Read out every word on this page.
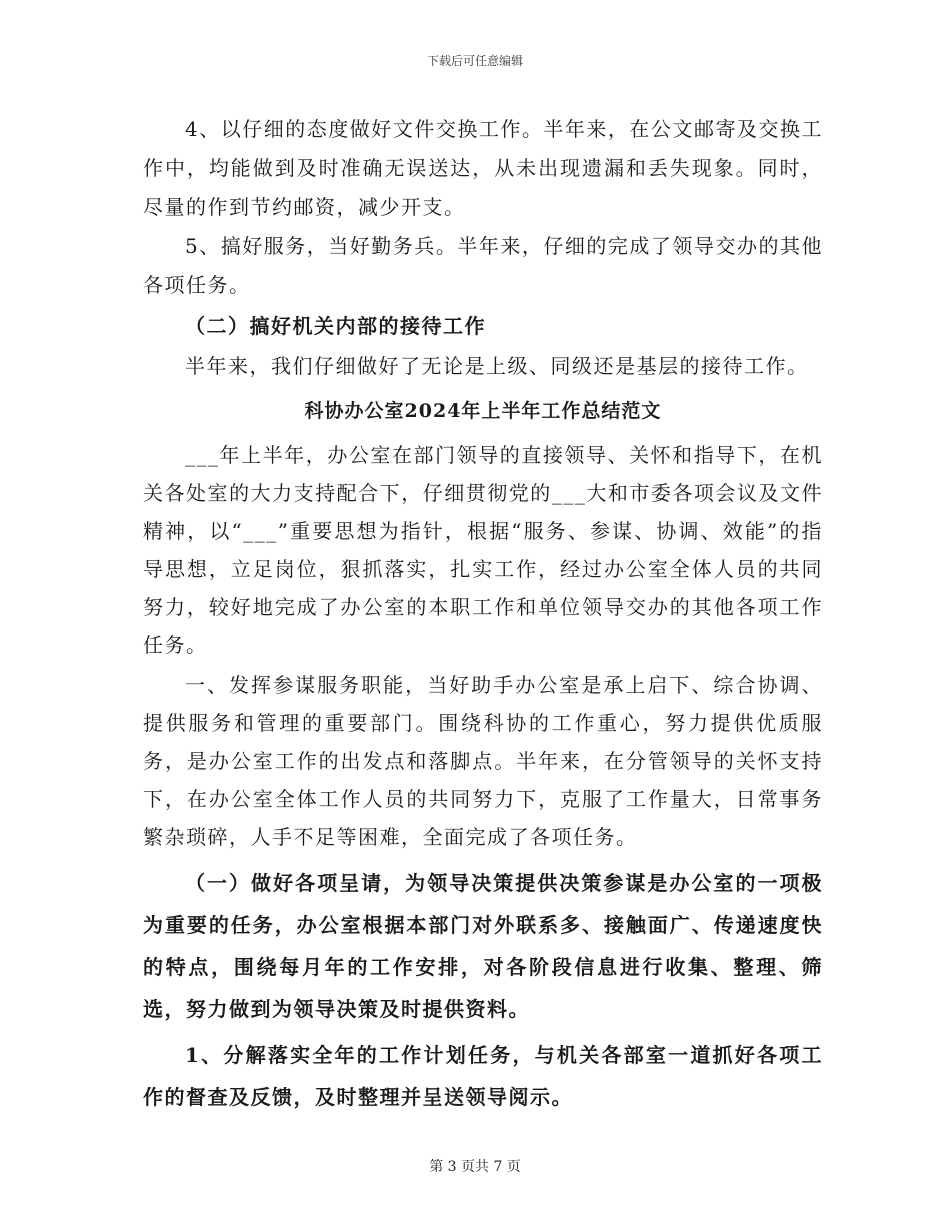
下载后可任意编辑

4、以仔细的态度做好文件交换工作。半年来，在公文邮寄及交换工作中，均能做到及时准确无误送达，从未出现遗漏和丢失现象。同时，尽量的作到节约邮资，减少开支。

5、搞好服务，当好勤务兵。半年来，仔细的完成了领导交办的其他各项任务。

（二）搞好机关内部的接待工作

半年来，我们仔细做好了无论是上级、同级还是基层的接待工作。

科协办公室2024年上半年工作总结范文

___年上半年，办公室在部门领导的直接领导、关怀和指导下，在机关各处室的大力支持配合下，仔细贯彻党的___大和市委各项会议及文件精神，以“___”重要思想为指针，根据“服务、参谋、协调、效能”的指导思想，立足岗位，狠抓落实，扎实工作，经过办公室全体人员的共同努力，较好地完成了办公室的本职工作和单位领导交办的其他各项工作任务。

一、发挥参谋服务职能，当好助手办公室是承上启下、综合协调、提供服务和管理的重要部门。围绕科协的工作重心，努力提供优质服务，是办公室工作的出发点和落脚点。半年来，在分管领导的关怀支持下，在办公室全体工作人员的共同努力下，克服了工作量大，日常事务繁杂琐碎，人手不足等困难，全面完成了各项任务。

（一）做好各项呈请，为领导决策提供决策参谋是办公室的一项极为重要的任务，办公室根据本部门对外联系多、接触面广、传递速度快的特点，围绕每月年的工作安排，对各阶段信息进行收集、整理、筛选，努力做到为领导决策及时提供资料。

1、分解落实全年的工作计划任务，与机关各部室一道抓好各项工作的督查及反馈，及时整理并呈送领导阅示。

第 3 页共 7 页
